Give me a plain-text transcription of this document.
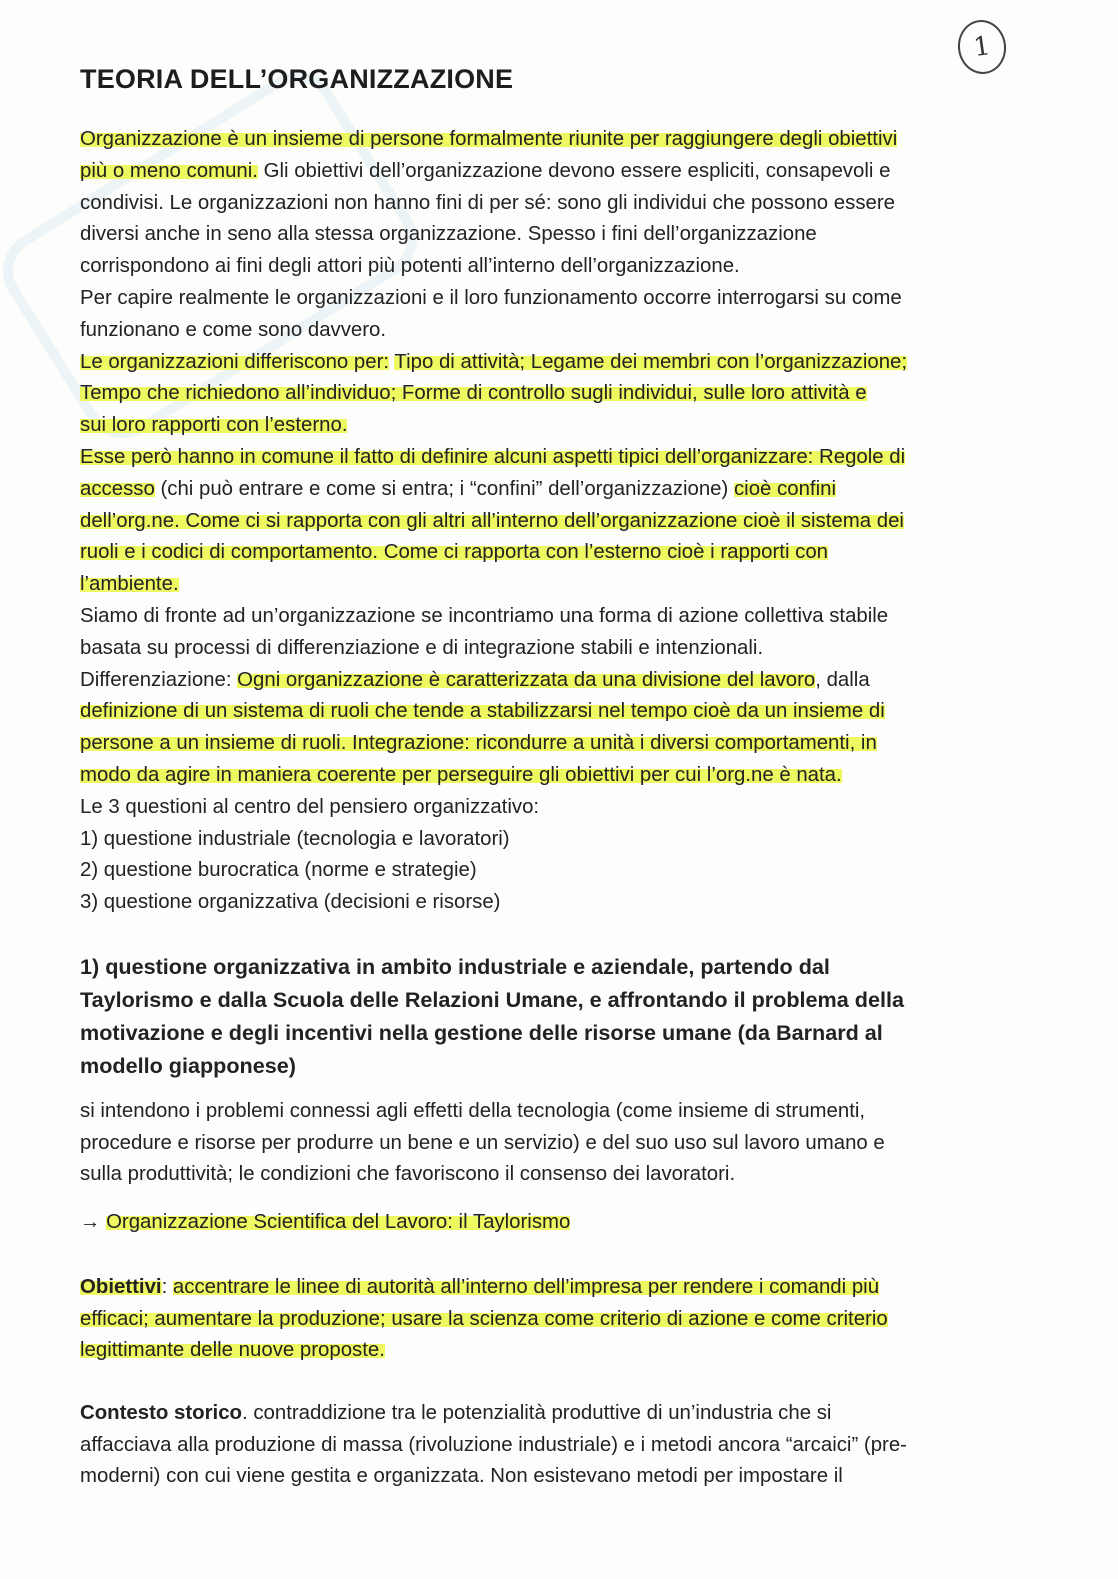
1
TEORIA DELL’ORGANIZZAZIONE

Organizzazione è un insieme di persone formalmente riunite per raggiungere degli obiettivi
più o meno comuni. Gli obiettivi dell’organizzazione devono essere espliciti, consapevoli e
condivisi. Le organizzazioni non hanno fini di per sé: sono gli individui che possono essere
diversi anche in seno alla stessa organizzazione. Spesso i fini dell’organizzazione
corrispondono ai fini degli attori più potenti all’interno dell’organizzazione.
Per capire realmente le organizzazioni e il loro funzionamento occorre interrogarsi su come
funzionano e come sono davvero.
Le organizzazioni differiscono per: Tipo di attività; Legame dei membri con l’organizzazione;
Tempo che richiedono all’individuo; Forme di controllo sugli individui, sulle loro attività e
sui loro rapporti con l’esterno.
Esse però hanno in comune il fatto di definire alcuni aspetti tipici dell’organizzare: Regole di
accesso (chi può entrare e come si entra; i “confini” dell’organizzazione) cioè confini
dell’org.ne. Come ci si rapporta con gli altri all’interno dell’organizzazione cioè il sistema dei
ruoli e i codici di comportamento. Come ci rapporta con l’esterno cioè i rapporti con
l’ambiente.
Siamo di fronte ad un’organizzazione se incontriamo una forma di azione collettiva stabile
basata su processi di differenziazione e di integrazione stabili e intenzionali.
Differenziazione: Ogni organizzazione è caratterizzata da una divisione del lavoro, dalla
definizione di un sistema di ruoli che tende a stabilizzarsi nel tempo cioè da un insieme di
persone a un insieme di ruoli. Integrazione: ricondurre a unità i diversi comportamenti, in
modo da agire in maniera coerente per perseguire gli obiettivi per cui l’org.ne è nata.
Le 3 questioni al centro del pensiero organizzativo:
1) questione industriale (tecnologia e lavoratori)
2) questione burocratica (norme e strategie)
3) questione organizzativa (decisioni e risorse)

1) questione organizzativa in ambito industriale e aziendale, partendo dal
Taylorismo e dalla Scuola delle Relazioni Umane, e affrontando il problema della
motivazione e degli incentivi nella gestione delle risorse umane (da Barnard al
modello giapponese)

si intendono i problemi connessi agli effetti della tecnologia (come insieme di strumenti,
procedure e risorse per produrre un bene e un servizio) e del suo uso sul lavoro umano e
sulla produttività; le condizioni che favoriscono il consenso dei lavoratori.

→ Organizzazione Scientifica del Lavoro: il Taylorismo

Obiettivi: accentrare le linee di autorità all’interno dell’impresa per rendere i comandi più
efficaci; aumentare la produzione; usare la scienza come criterio di azione e come criterio
legittimante delle nuove proposte.

Contesto storico. contraddizione tra le potenzialità produttive di un’industria che si
affacciava alla produzione di massa (rivoluzione industriale) e i metodi ancora “arcaici” (pre-
moderni) con cui viene gestita e organizzata. Non esistevano metodi per impostare il
